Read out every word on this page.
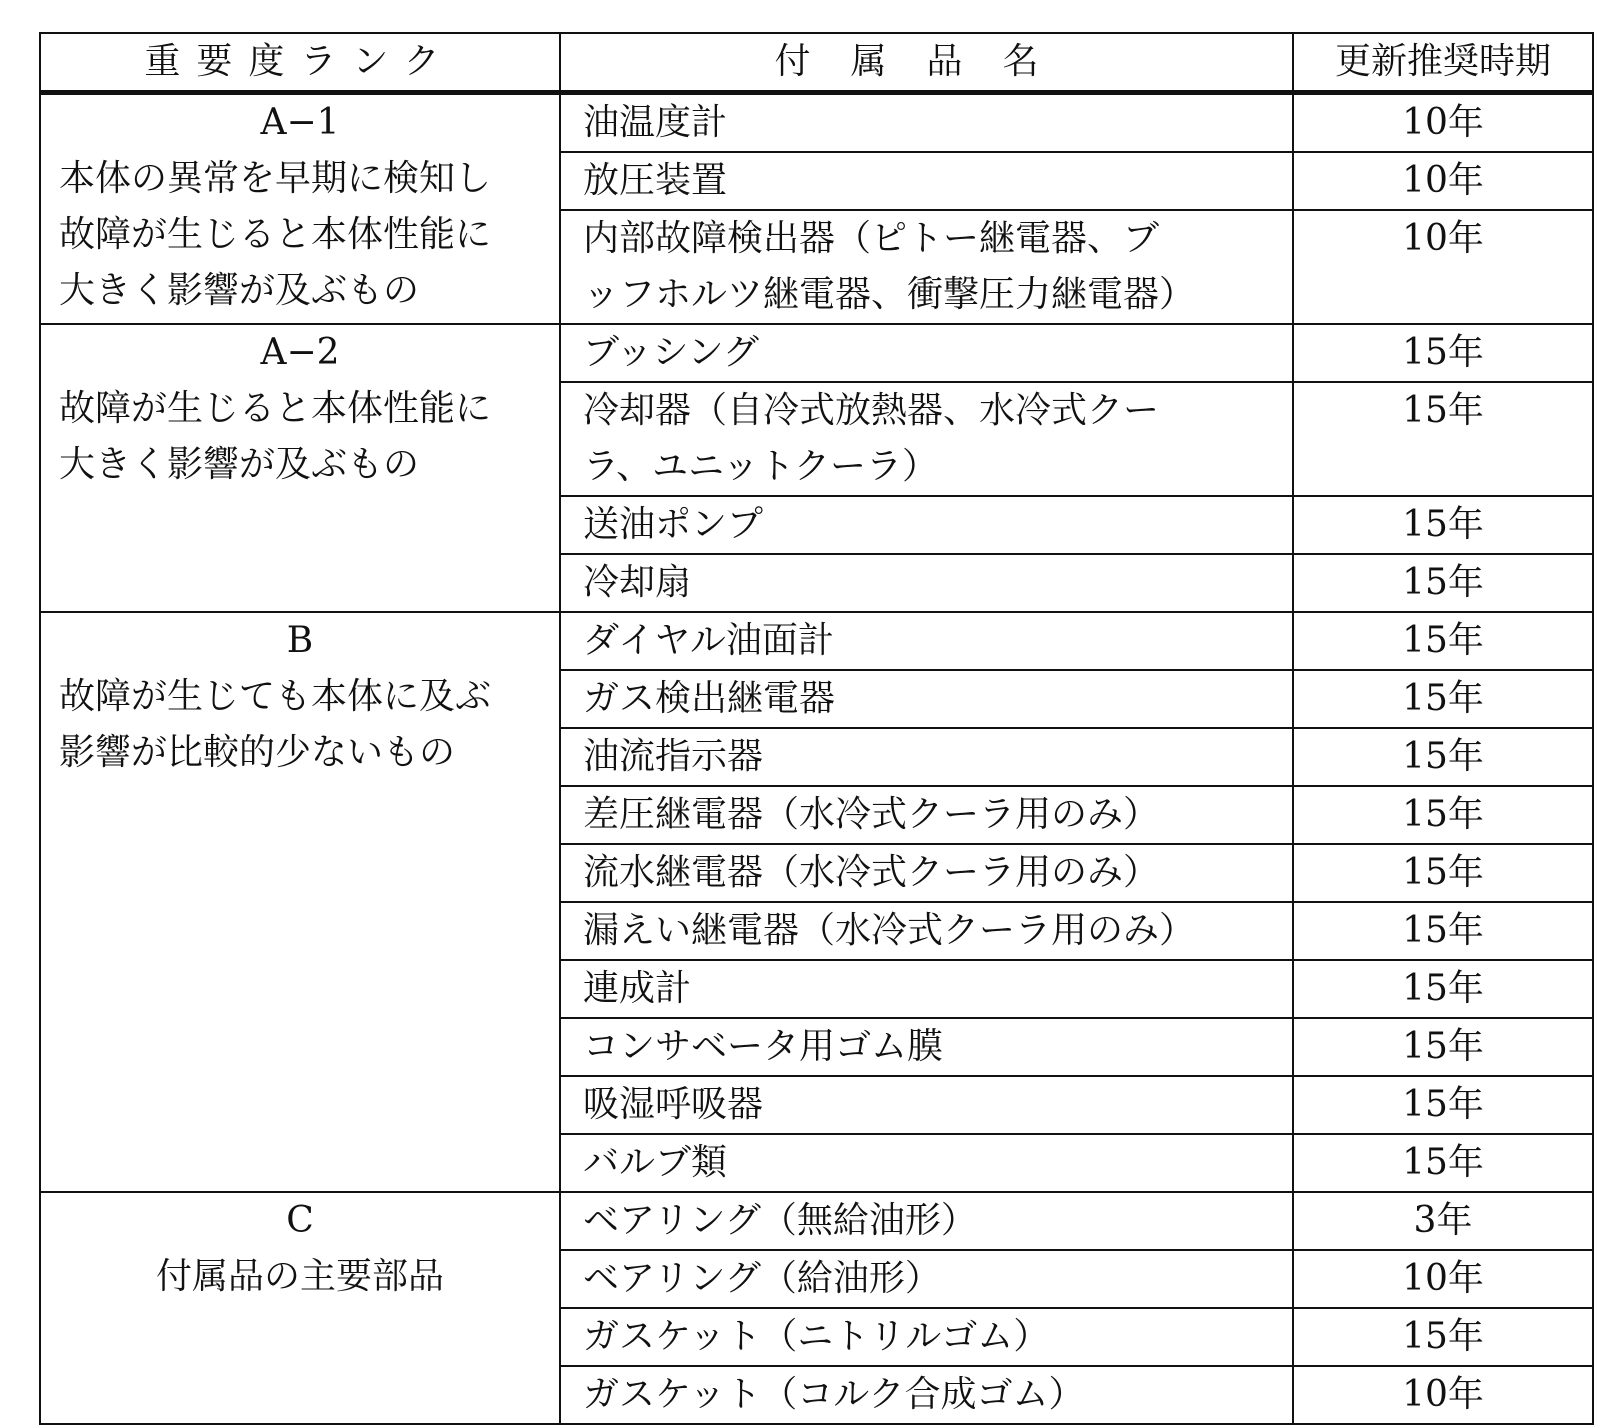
重要度ランク	付属品名	更新推奨時期

A−1
本体の異常を早期に検知し
故障が生じると本体性能に
大きく影響が及ぶもの	油温度計	10年
	放圧装置	10年
	内部故障検出器（ピトー継電器、ブ
ッフホルツ継電器、衝撃圧力継電器）	10年

A−2
故障が生じると本体性能に
大きく影響が及ぶもの	ブッシング	15年
	冷却器（自冷式放熱器、水冷式クー
ラ、ユニットクーラ）	15年
	送油ポンプ	15年
	冷却扇	15年

B
故障が生じても本体に及ぶ
影響が比較的少ないもの	ダイヤル油面計	15年
	ガス検出継電器	15年
	油流指示器	15年
	差圧継電器（水冷式クーラ用のみ）	15年
	流水継電器（水冷式クーラ用のみ）	15年
	漏えい継電器（水冷式クーラ用のみ）	15年
	連成計	15年
	コンサベータ用ゴム膜	15年
	吸湿呼吸器	15年
	バルブ類	15年

C
付属品の主要部品	ベアリング（無給油形）	3年
	ベアリング（給油形）	10年
	ガスケット（ニトリルゴム）	15年
	ガスケット（コルク合成ゴム）	10年
